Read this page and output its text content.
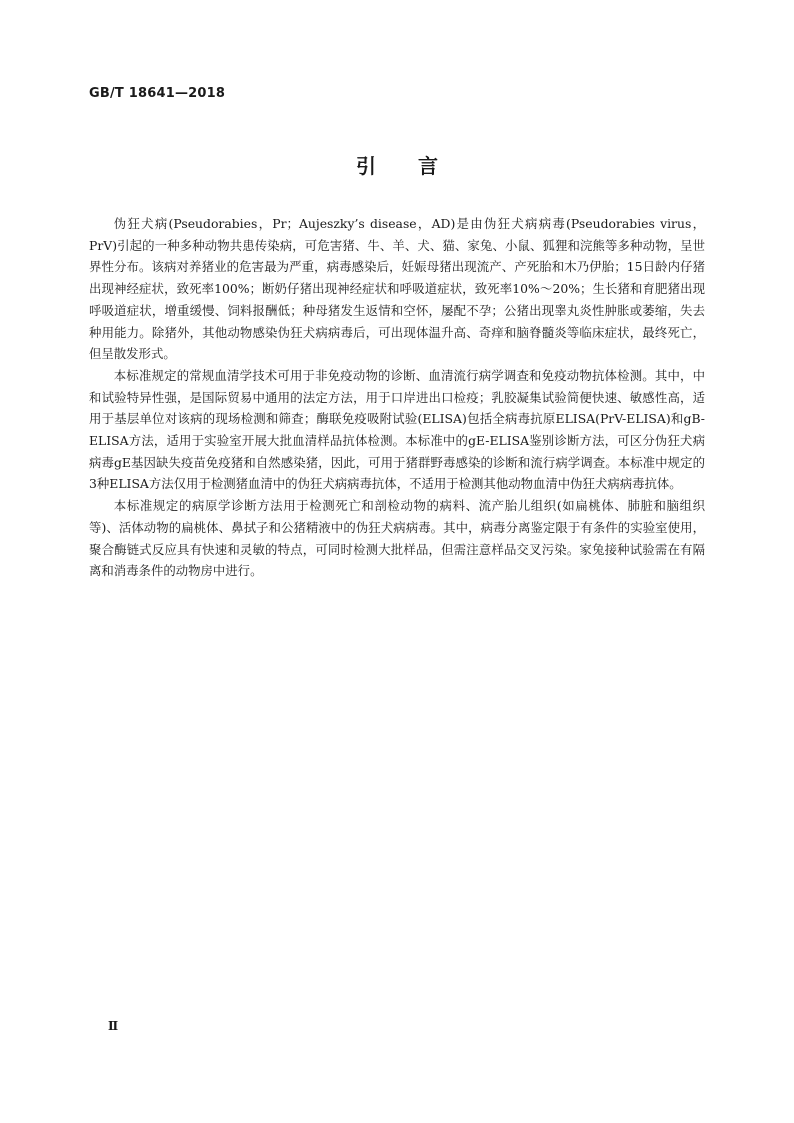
GB/T 18641—2018
引言

伪狂犬病(Pseudorabies，Pr；Aujeszky’s disease，AD)是由伪狂犬病病毒(Pseudorabies virus，PrV)引起的一种多种动物共患传染病，可危害猪、牛、羊、犬、猫、家兔、小鼠、狐狸和浣熊等多种动物，呈世界性分布。该病对养猪业的危害最为严重，病毒感染后，妊娠母猪出现流产、产死胎和木乃伊胎；15日龄内仔猪出现神经症状，致死率100%；断奶仔猪出现神经症状和呼吸道症状，致死率10%～20%；生长猪和育肥猪出现呼吸道症状，增重缓慢、饲料报酬低；种母猪发生返情和空怀，屡配不孕；公猪出现睾丸炎性肿胀或萎缩，失去种用能力。除猪外，其他动物感染伪狂犬病病毒后，可出现体温升高、奇痒和脑脊髓炎等临床症状，最终死亡，但呈散发形式。

本标准规定的常规血清学技术可用于非免疫动物的诊断、血清流行病学调查和免疫动物抗体检测。其中，中和试验特异性强，是国际贸易中通用的法定方法，用于口岸进出口检疫；乳胶凝集试验简便快速、敏感性高，适用于基层单位对该病的现场检测和筛查；酶联免疫吸附试验(ELISA)包括全病毒抗原ELISA(PrV-ELISA)和gB-ELISA方法，适用于实验室开展大批血清样品抗体检测。本标准中的gE-ELISA鉴别诊断方法，可区分伪狂犬病病毒gE基因缺失疫苗免疫猪和自然感染猪，因此，可用于猪群野毒感染的诊断和流行病学调查。本标准中规定的3种ELISA方法仅用于检测猪血清中的伪狂犬病病毒抗体，不适用于检测其他动物血清中伪狂犬病病毒抗体。

本标准规定的病原学诊断方法用于检测死亡和剖检动物的病料、流产胎儿组织(如扁桃体、肺脏和脑组织等)、活体动物的扁桃体、鼻拭子和公猪精液中的伪狂犬病病毒。其中，病毒分离鉴定限于有条件的实验室使用，聚合酶链式反应具有快速和灵敏的特点，可同时检测大批样品，但需注意样品交叉污染。家兔接种试验需在有隔离和消毒条件的动物房中进行。

Ⅱ
